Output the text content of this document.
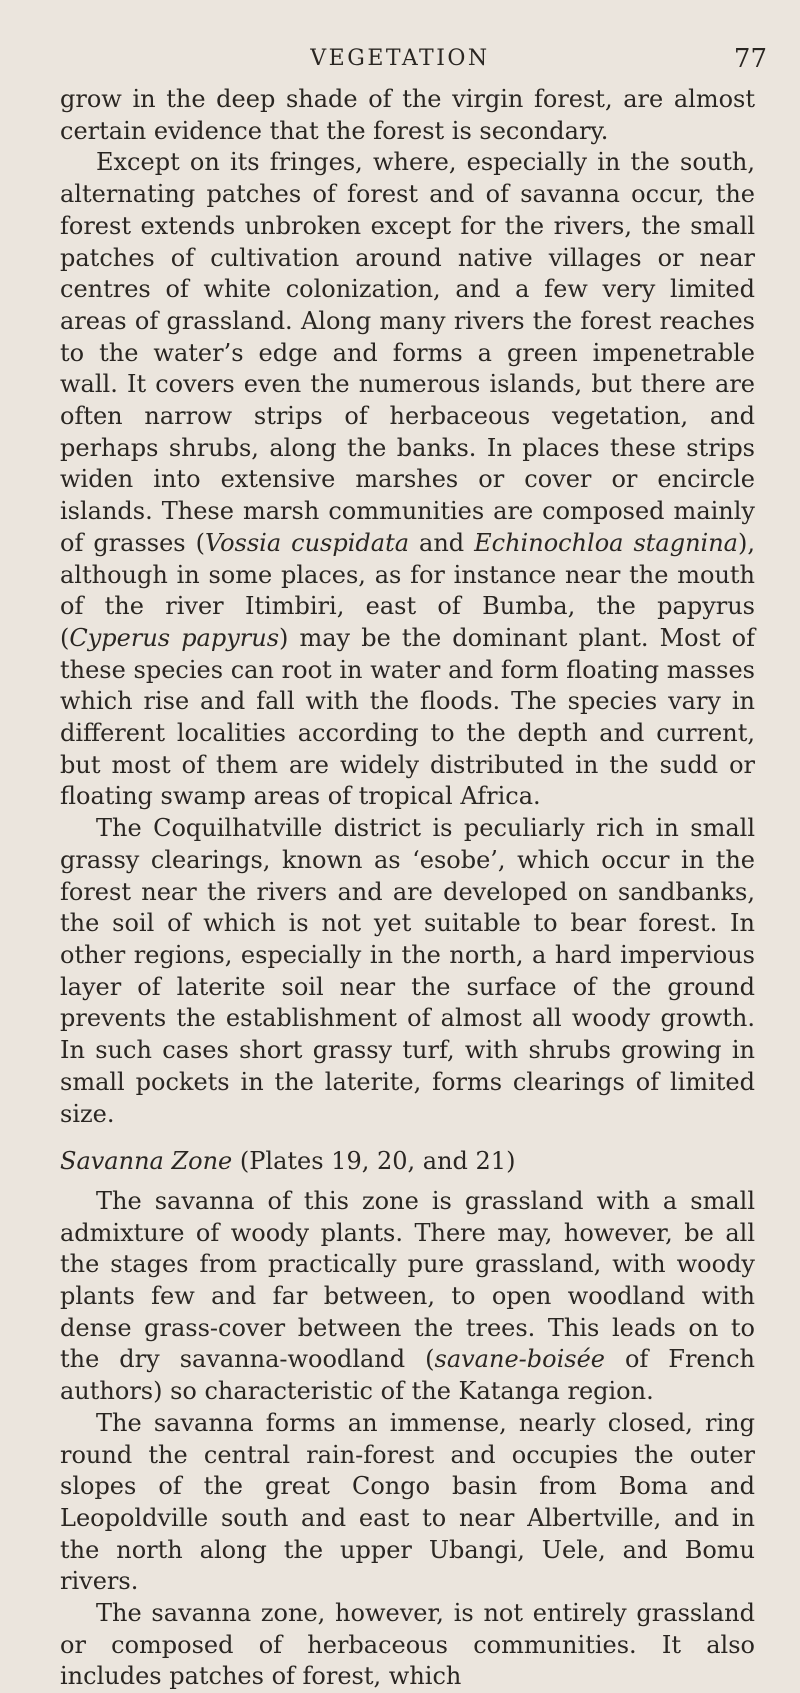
VEGETATION	77

grow in the deep shade of the virgin forest, are almost certain evidence that the forest is secondary.

Except on its fringes, where, especially in the south, alternating patches of forest and of savanna occur, the forest extends unbroken except for the rivers, the small patches of cultivation around native villages or near centres of white colonization, and a few very limited areas of grassland. Along many rivers the forest reaches to the water’s edge and forms a green impenetrable wall. It covers even the numerous islands, but there are often narrow strips of herbaceous vegetation, and perhaps shrubs, along the banks. In places these strips widen into extensive marshes or cover or encircle islands. These marsh communities are composed mainly of grasses (Vossia cuspidata and Echinochloa stagnina), although in some places, as for instance near the mouth of the river Itimbiri, east of Bumba, the papyrus (Cyperus papyrus) may be the dominant plant. Most of these species can root in water and form floating masses which rise and fall with the floods. The species vary in different localities according to the depth and current, but most of them are widely distributed in the sudd or floating swamp areas of tropical Africa.

The Coquilhatville district is peculiarly rich in small grassy clearings, known as ‘esobe’, which occur in the forest near the rivers and are developed on sandbanks, the soil of which is not yet suitable to bear forest. In other regions, especially in the north, a hard impervious layer of laterite soil near the surface of the ground prevents the establishment of almost all woody growth. In such cases short grassy turf, with shrubs growing in small pockets in the laterite, forms clearings of limited size.

Savanna Zone (Plates 19, 20, and 21)

The savanna of this zone is grassland with a small admixture of woody plants. There may, however, be all the stages from practically pure grassland, with woody plants few and far between, to open woodland with dense grass-cover between the trees. This leads on to the dry savanna-woodland (savane-boisée of French authors) so characteristic of the Katanga region.

The savanna forms an immense, nearly closed, ring round the central rain-forest and occupies the outer slopes of the great Congo basin from Boma and Leopoldville south and east to near Albertville, and in the north along the upper Ubangi, Uele, and Bomu rivers.

The savanna zone, however, is not entirely grassland or composed of herbaceous communities. It also includes patches of forest, which
